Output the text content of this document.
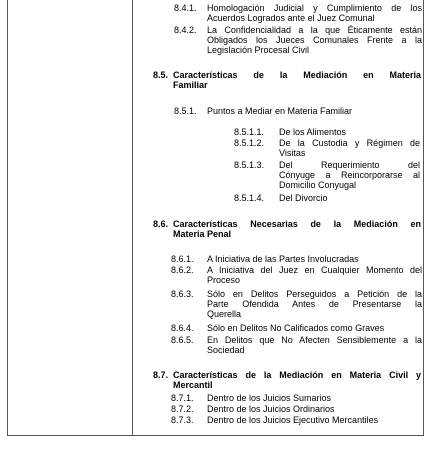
8.4.1. Homologación Judicial y Cumplimiento de los
Acuerdos Logrados ante el Juez Comunal
8.4.2. La Confidencialidad a la que Éticamente están
Obligados los Jueces Comunales Frente a la
Legislación Procesal Civil
8.5. Características de la Mediación en Materia
Familiar
8.5.1. Puntos a Mediar en Materia Familiar
8.5.1.1. De los Alimentos
8.5.1.2. De la Custodia y Régimen de
Visitas
8.5.1.3. Del Requerimiento del
Cónyuge a Reincorporarse al
Domicilio Conyugal
8.5.1.4. Del Divorcio
8.6. Características Necesarias de la Mediación en
Materia Penal
8.6.1. A Iniciativa de las Partes Involucradas
8.6.2. A Iniciativa del Juez en Cualquier Momento del
Proceso
8.6.3. Sólo en Delitos Perseguidos a Petición de la
Parte Ofendida Antes de Presentarse la
Querella
8.6.4. Sólo en Delitos No Calificados como Graves
8.6.5. En Delitos que No Afecten Sensiblemente a la
Sociedad
8.7. Características de la Mediación en Materia Civil y
Mercantil
8.7.1. Dentro de los Juicios Sumarios
8.7.2. Dentro de los Juicios Ordinarios
8.7.3. Dentro de los Juicios Ejecutivo Mercantiles
